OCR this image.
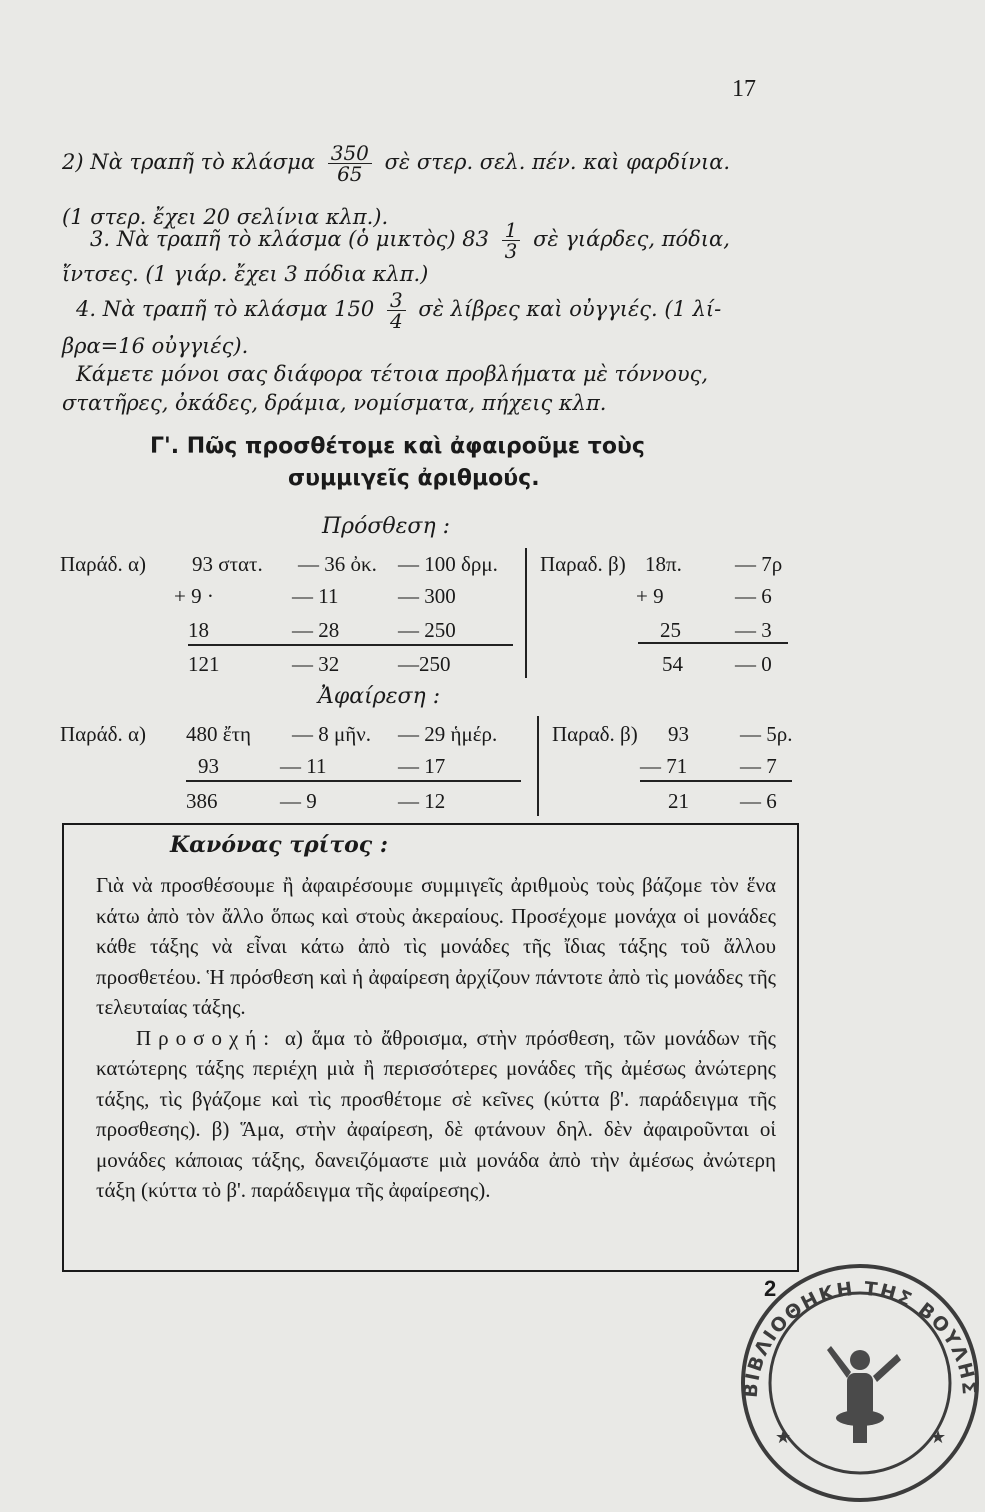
17
2) Νὰ τραπῆ τὸ κλάσμα $\frac{350}{65}$ σὲ στερ. σελ. πέν. καὶ φαρδίνια.
(1 στερ. ἔχει 20 σελίνια κλπ.).
3. Νὰ τραπῆ τὸ κλάσμα (ὁ μικτὸς) $83 \frac{1}{3}$ σὲ γιάρδες, πόδια,
ἴντσες. (1 γιάρ. ἔχει 3 πόδια κλπ.)
4. Νὰ τραπῆ τὸ κλάσμα $150 \frac{3}{4}$ σὲ λίβρες καὶ οὐγγιές. (1 λί-
βρα=16 οὐγγιές).
Κάμετε μόνοι σας διάφορα τέτοια προβλήματα μὲ τόννους,
στατῆρες, ὀκάδες, δράμια, νομίσματα, πήχεις κλπ.
Γ'. Πῶς προσθέτομε καὶ ἀφαιροῦμε τοὺς
συμμιγεῖς ἀριθμούς.
Πρόσθεση :
Παράδ. α) 93 στατ. — 36 ὀκ. — 100 δρμ.
+ 9 ·	— 11	— 300
18	— 28	— 250
121	— 32	—250
Παραδ. β) 18π.	— 7ρ
+ 9	— 6
25	— 3
54 — 0
Ἀφαίρεση :
Παράδ. α) 480 ἔτη — 8 μῆν. — 29 ἡμέρ.
93	— 11	— 17
386	— 9	— 12
Παραδ. β) 93 — 5ρ.
— 71	— 7
21 — 6
Κανόνας τρίτος :
Γιὰ νὰ προσθέσουμε ἢ ἀφαιρέσουμε συμμιγεῖς ἀριθμοὺς τοὺς βάζομε τὸν ἕνα κάτω ἀπὸ τὸν ἄλλο ὅπως καὶ στοὺς ἀκεραίους. Προσέχομε μονάχα οἱ μονάδες κάθε τάξης νὰ εἶναι κάτω ἀπὸ τὶς μονάδες τῆς ἴδιας τάξης τοῦ ἄλλου προσθετέου. Ἡ πρόσθεση καὶ ἡ ἀφαίρεση ἀρχίζουν πάντοτε ἀπὸ τὶς μονάδες τῆς τελευταίας τάξης.
Προσοχή: α) ἅμα τὸ ἄθροισμα, στὴν πρόσθεση, τῶν μονάδων τῆς κατώτερης τάξης περιέχη μιὰ ἢ περισσότερες μονάδες τῆς ἀμέσως ἀνώτερης τάξης, τὶς βγάζομε καὶ τὶς προσθέτομε σὲ κεῖνες (κύττα β'. παράδειγμα τῆς προσθεσης). β) Ἅμα, στὴν ἀφαίρεση, δὲ φτάνουν δηλ. δὲν ἀφαιροῦνται οἱ μονάδες κάποιας τάξης, δανειζόμαστε μιὰ μονάδα ἀπὸ τὴν ἀμέσως ἀνώτερη τάξη (κύττα τὸ β'. παράδειγμα τῆς ἀφαίρεσης).
ΒΙΒΛΙΟΘΗΚΗ ΤΗΣ ΒΟΥΛΗΣ
★	★
2
